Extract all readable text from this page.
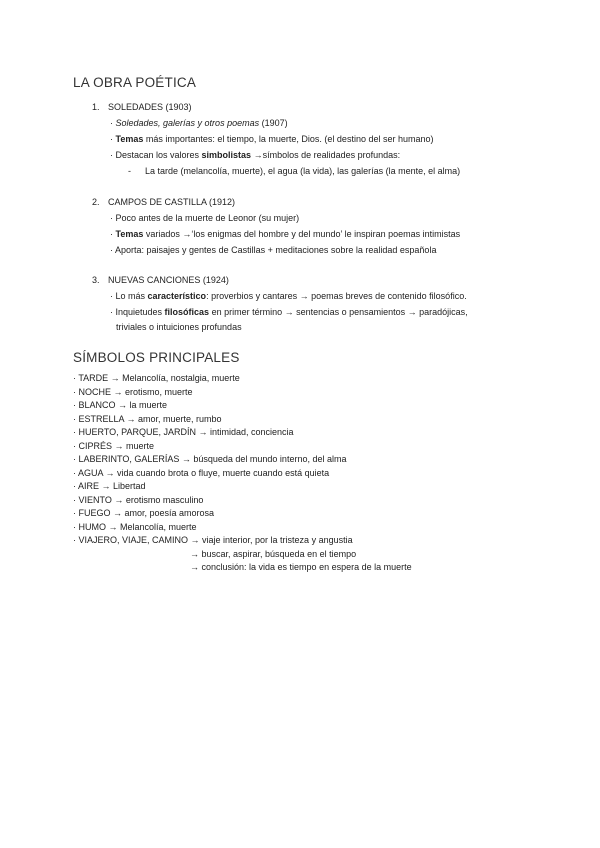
LA OBRA POÉTICA
1. SOLEDADES (1903)
· Soledades, galerías y otros poemas (1907)
· Temas más importantes: el tiempo, la muerte, Dios. (el destino del ser humano)
· Destacan los valores simbolistas →símbolos de realidades profundas:
- La tarde (melancolía, muerte), el agua (la vida), las galerías (la mente, el alma)
2. CAMPOS DE CASTILLA (1912)
· Poco antes de la muerte de Leonor (su mujer)
· Temas variados →‘los enigmas del hombre y del mundo’ le inspiran poemas intimistas
· Aporta: paisajes y gentes de Castillas + meditaciones sobre la realidad española
3. NUEVAS CANCIONES (1924)
· Lo más característico: proverbios y cantares → poemas breves de contenido filosófico.
· Inquietudes filosóficas en primer término → sentencias o pensamientos → paradójicas,
triviales o intuiciones profundas
SÍMBOLOS PRINCIPALES
· TARDE → Melancolía, nostalgia, muerte
· NOCHE → erotismo, muerte
· BLANCO → la muerte
· ESTRELLA → amor, muerte, rumbo
· HUERTO, PARQUE, JARDÍN → intimidad, conciencia
· CIPRÉS → muerte
· LABERINTO, GALERÍAS → búsqueda del mundo interno, del alma
· AGUA → vida cuando brota o fluye, muerte cuando está quieta
· AIRE → Libertad
· VIENTO → erotismo masculino
· FUEGO → amor, poesía amorosa
· HUMO → Melancolía, muerte
· VIAJERO, VIAJE, CAMINO → viaje interior, por la tristeza y angustia
→ buscar, aspirar, búsqueda en el tiempo
→ conclusión: la vida es tiempo en espera de la muerte
